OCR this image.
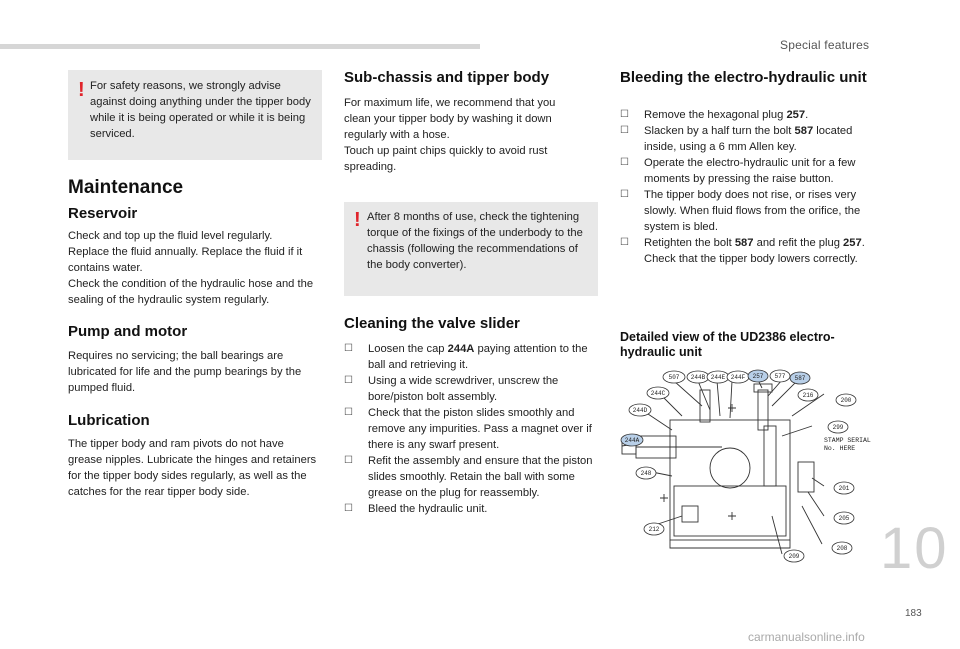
Special features
! For safety reasons, we strongly advise against doing anything under the tipper body while it is being operated or while it is being serviced.

Maintenance
Reservoir
Check and top up the fluid level regularly.
Replace the fluid annually. Replace the fluid if it contains water.
Check the condition of the hydraulic hose and the sealing of the hydraulic system regularly.
Pump and motor

Requires no servicing; the ball bearings are lubricated for life and the pump bearings by the pumped fluid.

Lubrication

The tipper body and ram pivots do not have grease nipples. Lubricate the hinges and retainers for the tipper body sides regularly, as well as the catches for the rear tipper body side.

Sub-chassis and tipper body
For maximum life, we recommend that you clean your tipper body by washing it down regularly with a hose.
Touch up paint chips quickly to avoid rust spreading.
! After 8 months of use, check the tightening torque of the fixings of the underbody to the chassis (following the recommendations of the body converter).

Cleaning the valve slider
☐ Loosen the cap 244A paying attention to the ball and retrieving it.
☐ Using a wide screwdriver, unscrew the bore/piston bolt assembly.
☐ Check that the piston slides smoothly and remove any impurities. Pass a magnet over if there is any swarf present.
☐ Refit the assembly and ensure that the piston slides smoothly. Retain the ball with some grease on the plug for reassembly.
☐ Bleed the hydraulic unit.
Bleeding the electro-hydraulic unit
☐ Remove the hexagonal plug 257.
☐ Slacken by a half turn the bolt 587 located inside, using a 6 mm Allen key.
☐ Operate the electro-hydraulic unit for a few moments by pressing the raise button.
☐ The tipper body does not rise, or rises very slowly. When fluid flows from the orifice, the system is bled.
☐ Retighten the bolt 587 and refit the plug 257. Check that the tipper body lowers correctly.
Detailed view of the UD2386 electro-hydraulic unit
507 244B 244E 244F 257 577 587
244C	216
200
244D
299
244A
248
201
205
212
208
209
STAMP SERIAL
No. HERE
10
183
carmanualsonline.info
